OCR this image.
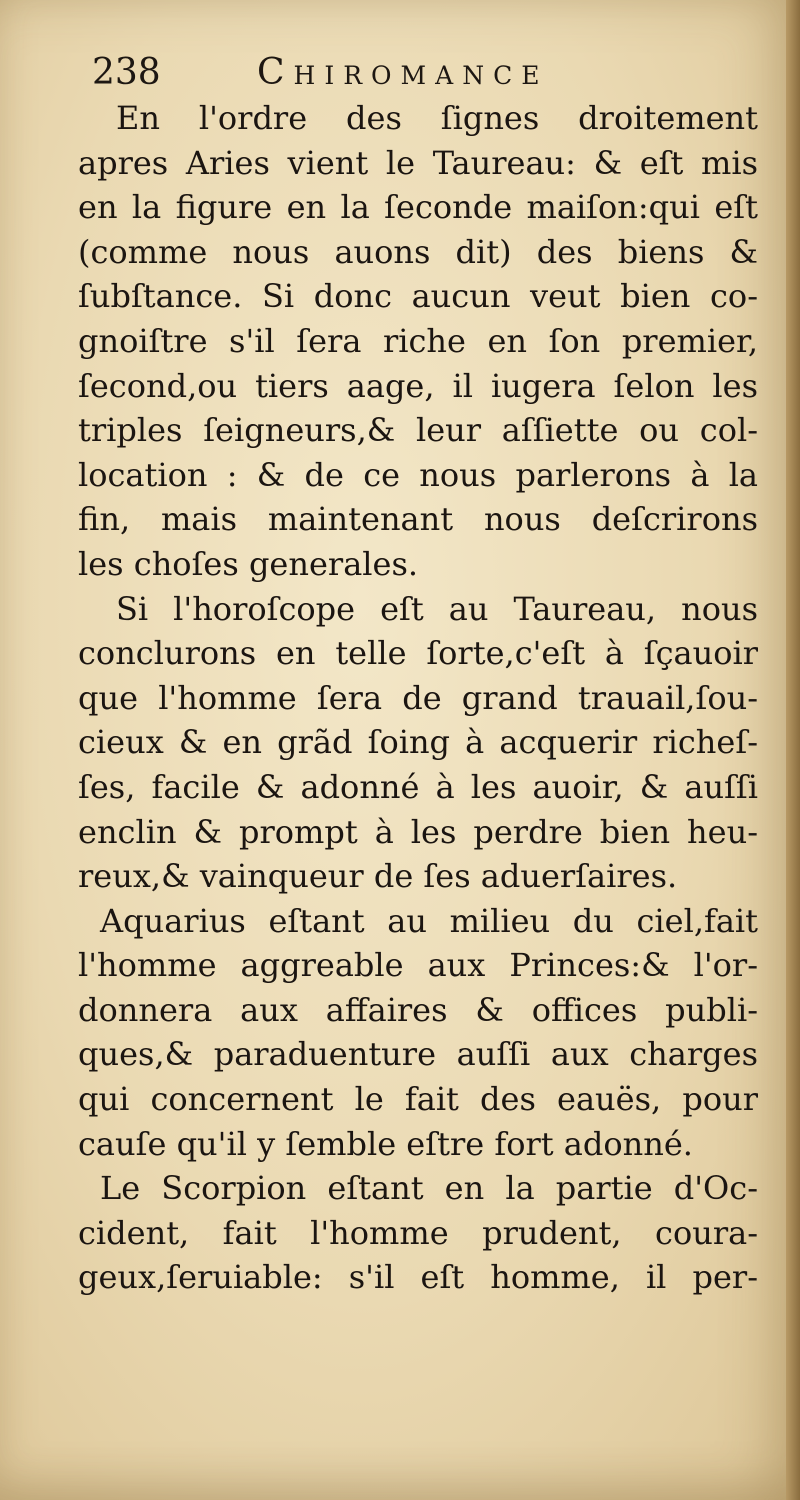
238	Chiromance
En l'ordre des ſignes droitement
apres Aries vient le Taureau: & eſt mis
en la figure en la ſeconde maiſon:qui eſt
(comme nous auons dit) des biens &
ſubſtance. Si donc aucun veut bien co-
gnoiſtre s'il ſera riche en ſon premier,
ſecond,ou tiers aage, il iugera ſelon les
triples ſeigneurs,& leur aſſiette ou col-
location : & de ce nous parlerons à la
fin, mais maintenant nous deſcrirons
les choſes generales.
Si l'horoſcope eſt au Taureau, nous
conclurons en telle ſorte,c'eſt à ſçauoir
que l'homme ſera de grand trauail,ſou-
cieux & en grãd ſoing à acquerir richeſ-
ſes, facile & adonné à les auoir, & auſſi
enclin & prompt à les perdre bien heu-
reux,& vainqueur de ſes aduerſaires.
Aquarius eſtant au milieu du ciel,fait
l'homme aggreable aux Princes:& l'or-
donnera aux affaires & offices publi-
ques,& paraduenture auſſi aux charges
qui concernent le fait des eauës, pour
cauſe qu'il y ſemble eſtre fort adonné.
Le Scorpion eſtant en la partie d'Oc-
cident, fait l'homme prudent, coura-
geux,ſeruiable: s'il eſt homme, il per-
